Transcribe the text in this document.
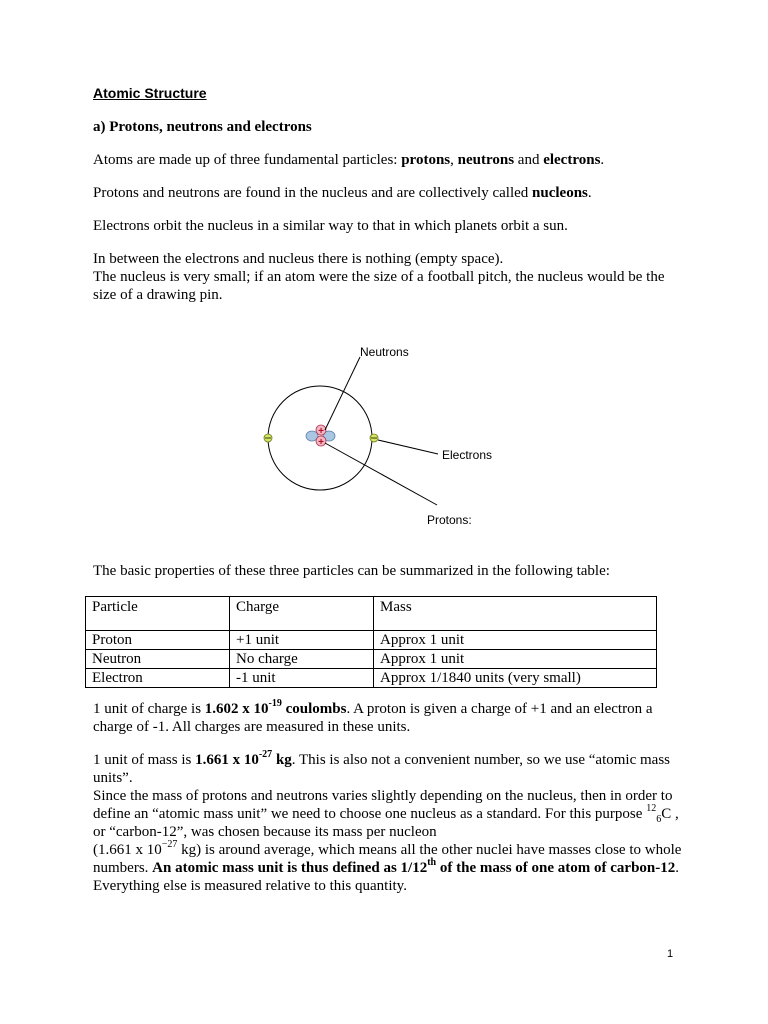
Atomic Structure
a) Protons, neutrons and electrons

Atoms are made up of three fundamental particles: protons, neutrons and electrons.

Protons and neutrons are found in the nucleus and are collectively called nucleons.

Electrons orbit the nucleus in a similar way to that in which planets orbit a sun.

In between the electrons and nucleus there is nothing (empty space).
The nucleus is very small; if an atom were the size of a football pitch, the nucleus would be the size of a drawing pin.

+
+
Neutrons
Electrons
Protons:

The basic properties of these three particles can be summarized in the following table:

Particle	Charge	Mass
Proton	+1 unit	Approx 1 unit
Neutron	No charge	Approx 1 unit
Electron	-1 unit	Approx 1/1840 units (very small)

1 unit of charge is 1.602 x $10^{-19}$ coulombs. A proton is given a charge of +1 and an electron a charge of -1. All charges are measured in these units.

1 unit of mass is 1.661 x $10^{-27}$ kg. This is also not a convenient number, so we use “atomic mass units”.

Since the mass of protons and neutrons varies slightly depending on the nucleus, then in order to define an “atomic mass unit” we need to choose one nucleus as a standard. For this purpose $^{12}_6$C , or “carbon-12”, was chosen because its mass per nucleon
(1.661 x $10^{-27}$ kg) is around average, which means all the other nuclei have masses close to whole numbers. An atomic mass unit is thus defined as 1/12th of the mass of one atom of carbon-12. Everything else is measured relative to this quantity.

1
